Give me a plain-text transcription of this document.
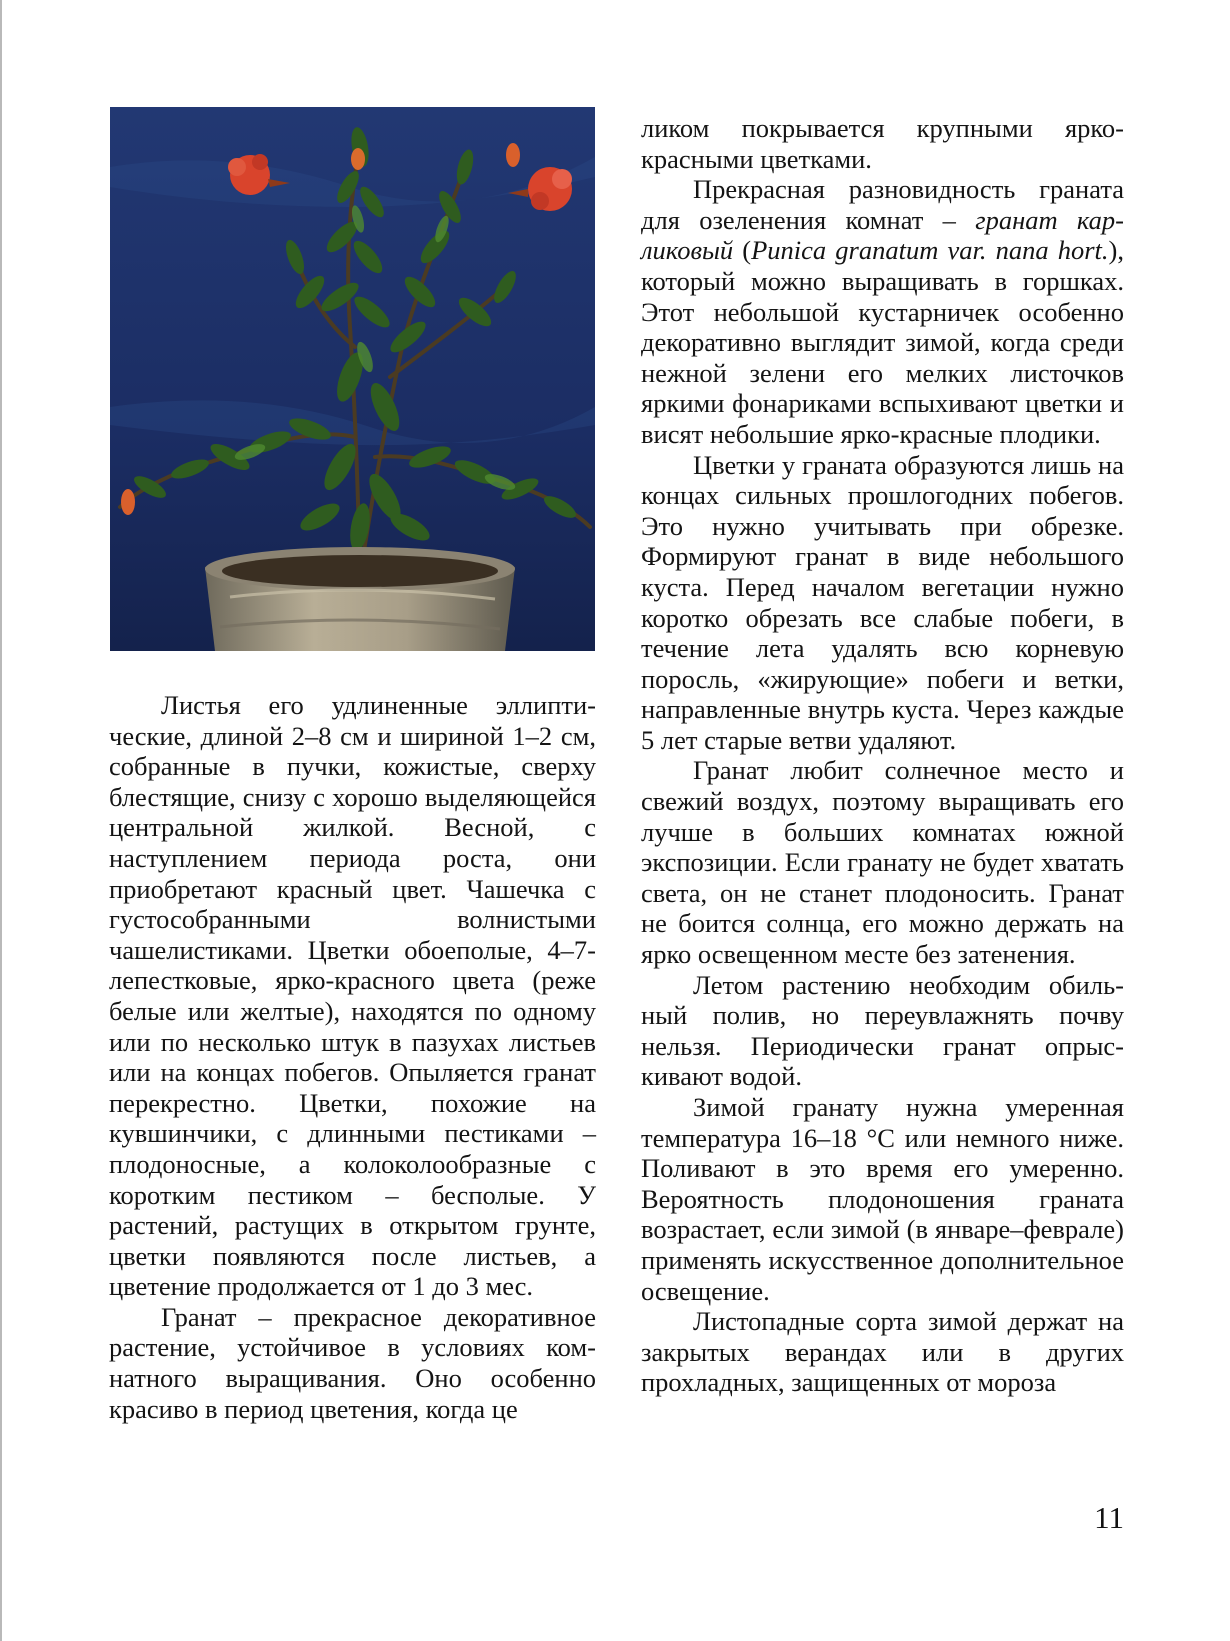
Листья его удлиненные эллиптические, длиной 2–8 см и шириной 1–2 см, собранные в пучки, кожистые, сверху блестящие, снизу с хорошо выделяющейся центральной жилкой. Весной, с наступлением периода роста, они приобретают красный цвет. Чашечка с густособранными волнистыми чашелистиками. Цветки обоеполые, 4–7-лепестковые, ярко-красного цвета (реже белые или желтые), находятся по одному или по несколько штук в пазухах листьев или на концах побегов. Опыляется гранат перекрестно. Цветки, похожие на кувшинчики, с длинными пестиками – плодоносные, а колоколообразные с коротким пестиком – бесполые. У растений, растущих в открытом грунте, цветки появляются после листьев, а цветение продолжается от 1 до 3 мес.

Гранат – прекрасное декоративное растение, устойчивое в условиях комнатного выращивания. Оно особенно красиво в период цветения, когда це

ликом покрывается крупными ярко-красными цветками.

Прекрасная разновидность граната для озеленения комнат – гранат карликовый (Punica granatum var. nana hort.), который можно выращивать в горшках. Этот небольшой кустарничек особенно декоративно выглядит зимой, когда среди нежной зелени его мелких листочков яркими фонариками вспыхивают цветки и висят небольшие ярко-красные плодики.

Цветки у граната образуются лишь на концах сильных прошлогодних побегов. Это нужно учитывать при обрезке. Формируют гранат в виде небольшого куста. Перед началом вегетации нужно коротко обрезать все слабые побеги, в течение лета удалять всю корневую поросль, «жирующие» побеги и ветки, направленные внутрь куста. Через каждые 5 лет старые ветви удаляют.

Гранат любит солнечное место и свежий воздух, поэтому выращивать его лучше в больших комнатах южной экспозиции. Если гранату не будет хватать света, он не станет плодоносить. Гранат не боится солнца, его можно держать на ярко освещенном месте без затенения.

Летом растению необходим обильный полив, но переувлажнять почву нельзя. Периодически гранат опрыскивают водой.

Зимой гранату нужна умеренная температура 16–18 °С или немного ниже. Поливают в это время его умеренно. Вероятность плодоношения граната возрастает, если зимой (в январе–феврале) применять искусственное дополнительное освещение.

Листопадные сорта зимой держат на закрытых верандах или в других прохладных, защищенных от мороза

11
